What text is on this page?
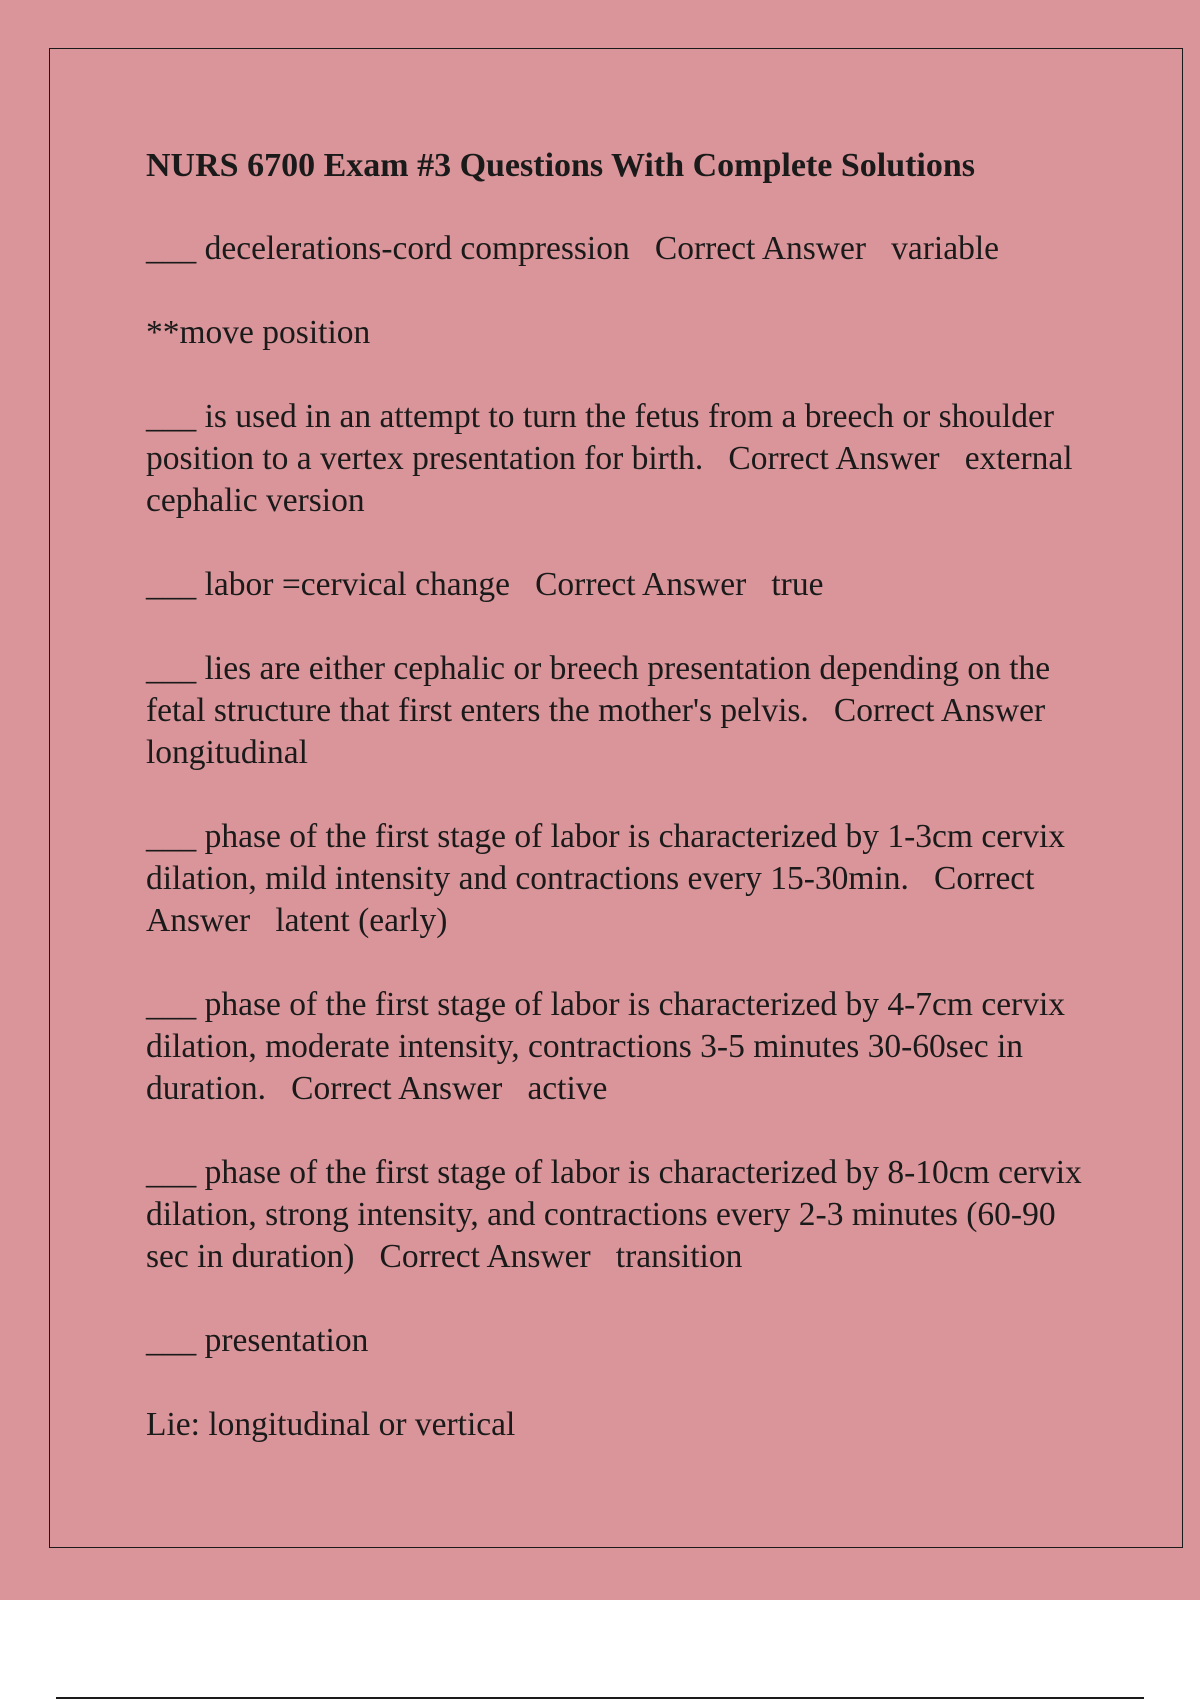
NURS 6700 Exam #3 Questions With Complete Solutions

___ decelerations-cord compression   Correct Answer   variable

**move position

___ is used in an attempt to turn the fetus from a breech or shoulder position to a vertex presentation for birth.   Correct Answer   external cephalic version

___ labor =cervical change   Correct Answer   true

___ lies are either cephalic or breech presentation depending on the fetal structure that first enters the mother's pelvis.   Correct Answer   longitudinal

___ phase of the first stage of labor is characterized by 1-3cm cervix dilation, mild intensity and contractions every 15-30min.   Correct Answer   latent (early)

___ phase of the first stage of labor is characterized by 4-7cm cervix dilation, moderate intensity, contractions 3-5 minutes 30-60sec in duration.   Correct Answer   active

___ phase of the first stage of labor is characterized by 8-10cm cervix dilation, strong intensity, and contractions every 2-3 minutes (60-90 sec in duration)   Correct Answer   transition

___ presentation

Lie: longitudinal or vertical
